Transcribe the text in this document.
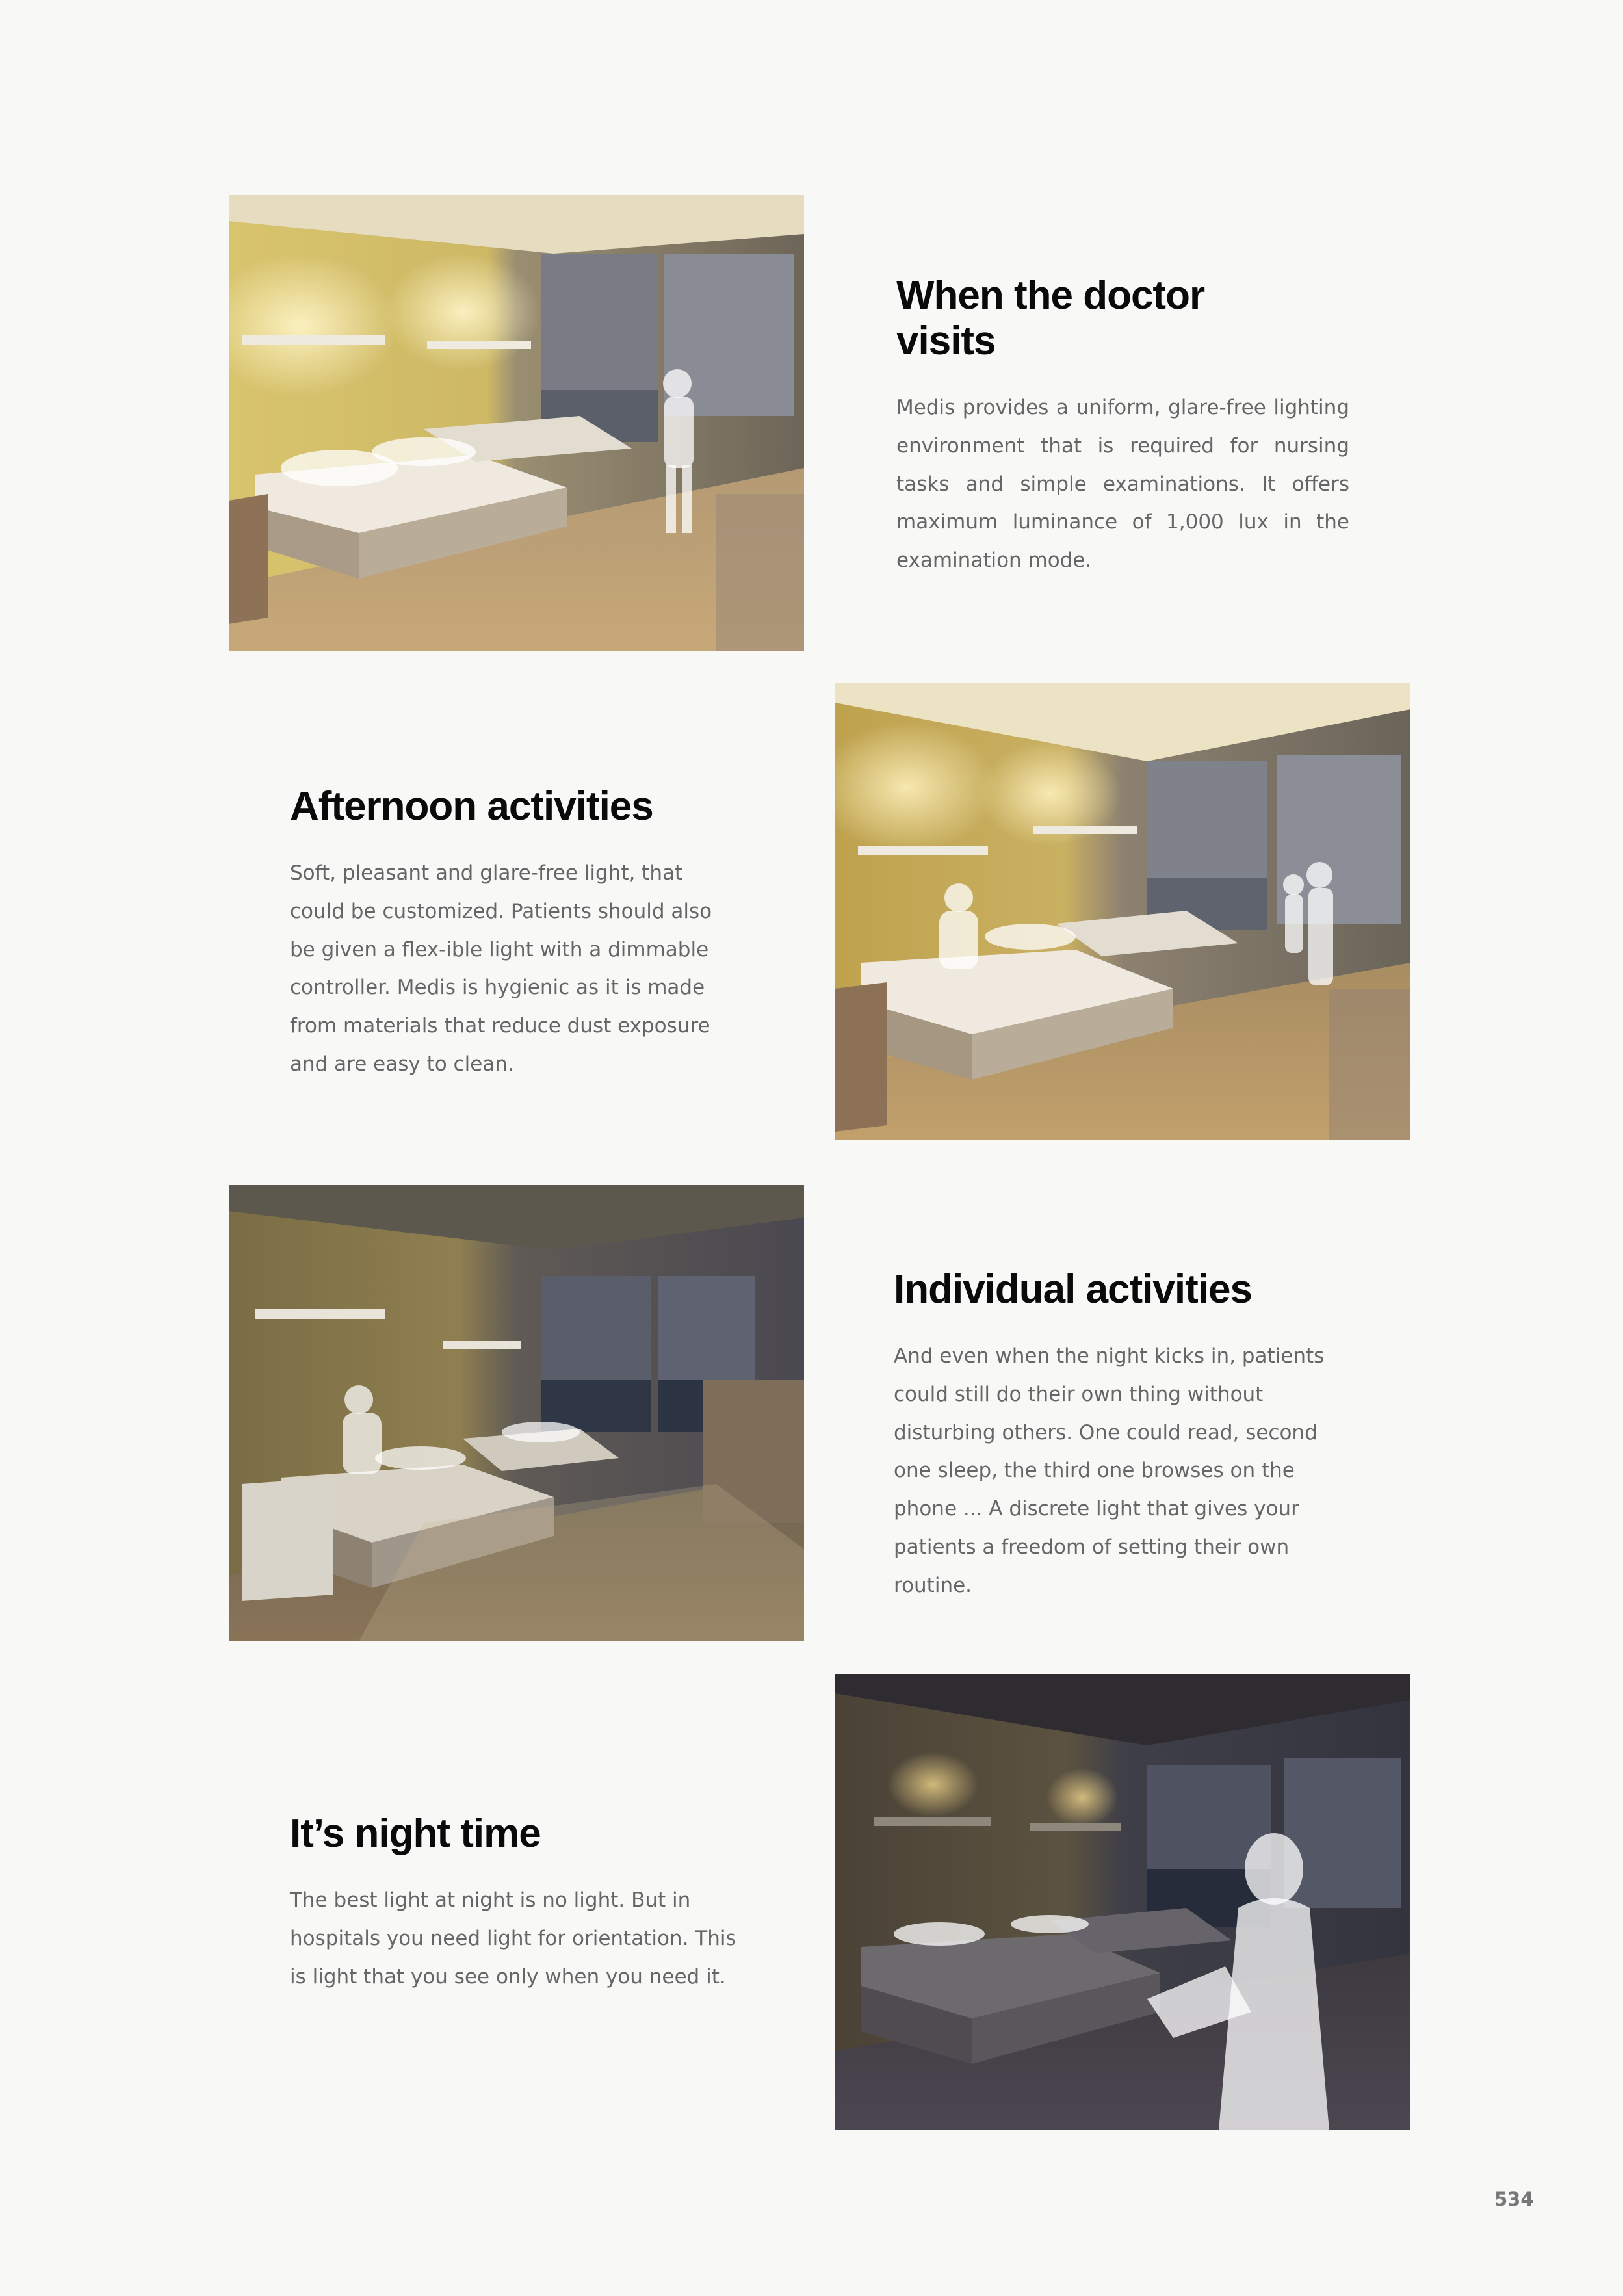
When the doctor
visits

Medis provides a uniform, glare-free lighting environment that is required for nursing tasks and simple examinations. It offers maximum luminance of 1,000 lux in the examination mode.

Afternoon activities

Soft, pleasant and glare-free light, that could be customized. Patients should also be given a flex-ible light with a dimmable controller. Medis is hygienic as it is made from materials that reduce dust exposure and are easy to clean.

Individual activities

And even when the night kicks in, patients could still do their own thing without disturbing others. One could read, second one sleep, the third one browses on the phone ... A discrete light that gives your patients a freedom of setting their own routine.

It’s night time

The best light at night is no light. But in hospitals you need light for orientation. This is light that you see only when you need it.

534
